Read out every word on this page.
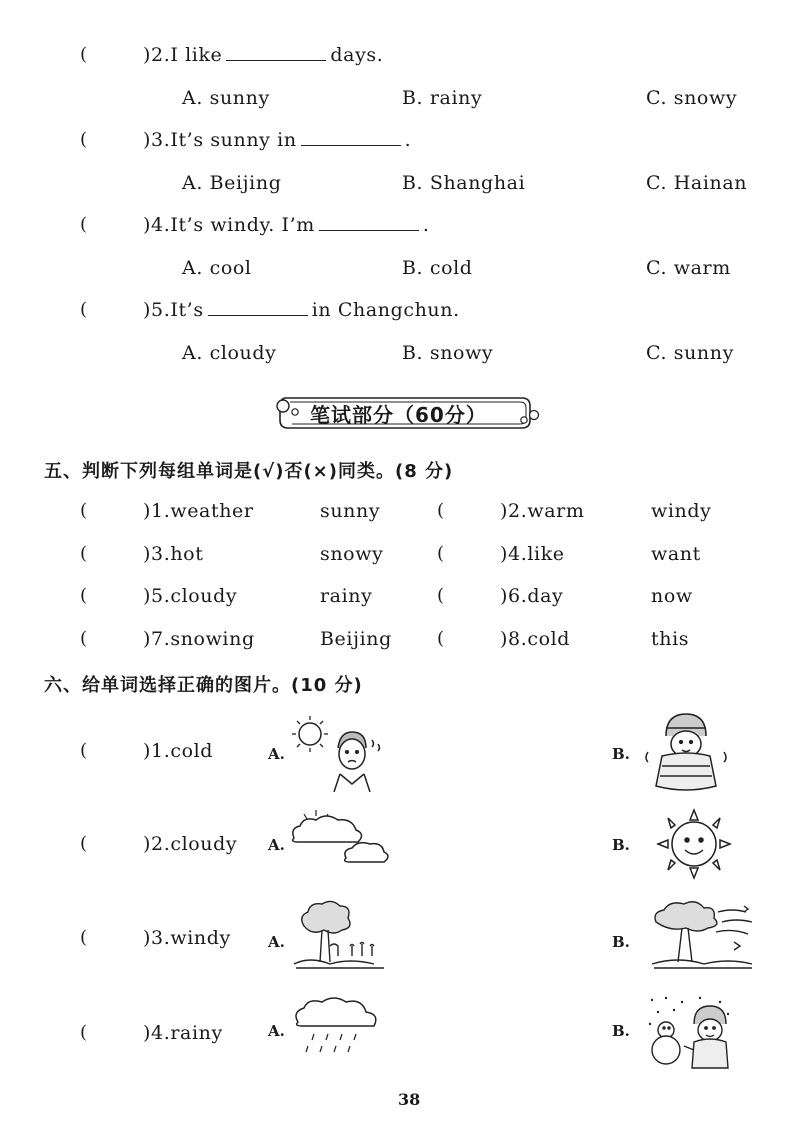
(	)2.I like	days.
A. sunny	B. rainy	C. snowy
(	)3.It’s sunny in	.
A. Beijing	B. Shanghai	C. Hainan
(	)4.It’s windy. I’m	.
A. cool	B. cold	C. warm
(	)5.It’s	in Changchun.
A. cloudy	B. snowy	C. sunny
笔试部分（60分）
五、判断下列每组单词是(√)否(×)同类。(8 分)
(	)1.weather	sunny	(	)2.warm	windy
(	)3.hot	snowy	(	)4.like	want
(	)5.cloudy	rainy	(	)6.day	now
(	)7.snowing	Beijing	(	)8.cold	this
六、给单词选择正确的图片。(10 分)
(	)1.cold	A.	B.
(	)2.cloudy A.	B.
(	)3.windy A.	B.
(	)4.rainy	A.	B.
38
